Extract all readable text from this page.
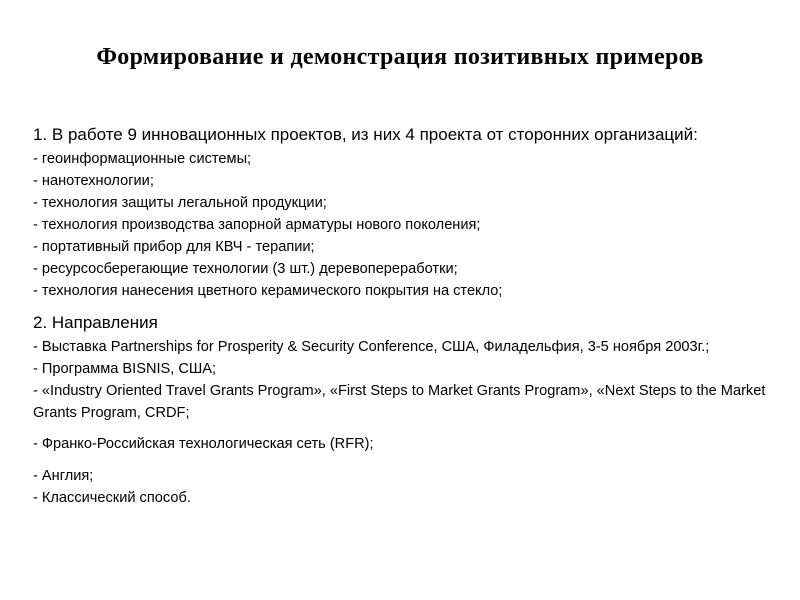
Формирование и демонстрация позитивных примеров
1. В работе 9 инновационных проектов, из них 4 проекта от сторонних организаций:
- геоинформационные системы;
- нанотехнологии;
- технология защиты легальной продукции;
- технология производства запорной арматуры нового поколения;
- портативный прибор для КВЧ - терапии;
- ресурсосберегающие технологии (3 шт.) деревопереработки;
- технология нанесения цветного керамического покрытия на стекло;
2. Направления
- Выставка Partnerships for Prosperity & Security Conference, США, Филадельфия, 3-5 ноября 2003г.;
- Программа BISNIS, США;
- «Industry Oriented Travel Grants Program», «First Steps to Market Grants Program», «Next Steps to the Market Grants Program, CRDF;
- Франко-Российская технологическая сеть (RFR);
- Англия;
- Классический способ.
